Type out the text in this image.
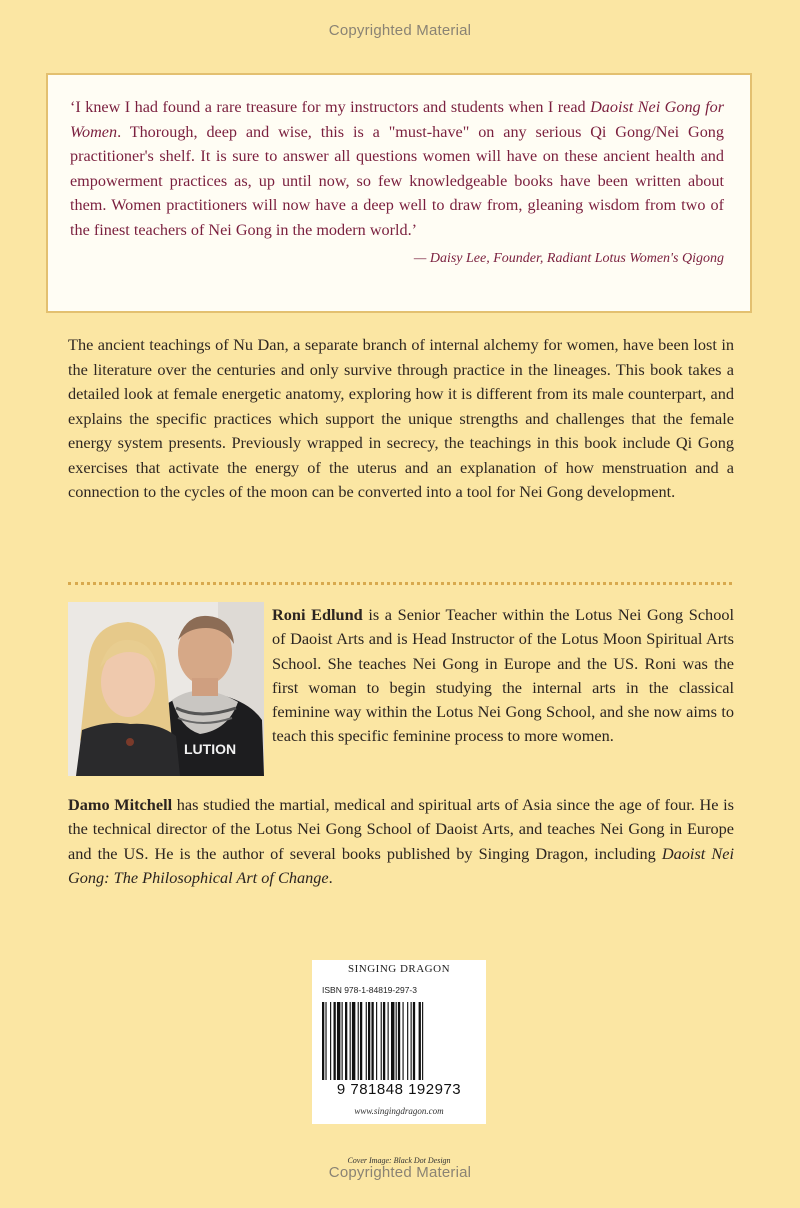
Copyrighted Material
‘I knew I had found a rare treasure for my instructors and students when I read Daoist Nei Gong for Women. Thorough, deep and wise, this is a "must-have" on any serious Qi Gong/Nei Gong practitioner's shelf. It is sure to answer all questions women will have on these ancient health and empowerment practices as, up until now, so few knowledgeable books have been written about them. Women practitioners will now have a deep well to draw from, gleaning wisdom from two of the finest teachers of Nei Gong in the modern world.’
— Daisy Lee, Founder, Radiant Lotus Women's Qigong
The ancient teachings of Nu Dan, a separate branch of internal alchemy for women, have been lost in the literature over the centuries and only survive through practice in the lineages. This book takes a detailed look at female energetic anatomy, exploring how it is different from its male counterpart, and explains the specific practices which support the unique strengths and challenges that the female energy system presents. Previously wrapped in secrecy, the teachings in this book include Qi Gong exercises that activate the energy of the uterus and an explanation of how menstruation and a connection to the cycles of the moon can be converted into a tool for Nei Gong development.
LUTION
Roni Edlund is a Senior Teacher within the Lotus Nei Gong School of Daoist Arts and is Head Instructor of the Lotus Moon Spiritual Arts School. She teaches Nei Gong in Europe and the US. Roni was the first woman to begin studying the internal arts in the classical feminine way within the Lotus Nei Gong School, and she now aims to teach this specific feminine process to more women.
Damo Mitchell has studied the martial, medical and spiritual arts of Asia since the age of four. He is the technical director of the Lotus Nei Gong School of Daoist Arts, and teaches Nei Gong in Europe and the US. He is the author of several books published by Singing Dragon, including Daoist Nei Gong: The Philosophical Art of Change.
SINGING DRAGON
ISBN 978-1-84819-297-3
9 781848 192973
www.singingdragon.com
Cover Image: Black Dot Design
Copyrighted Material
